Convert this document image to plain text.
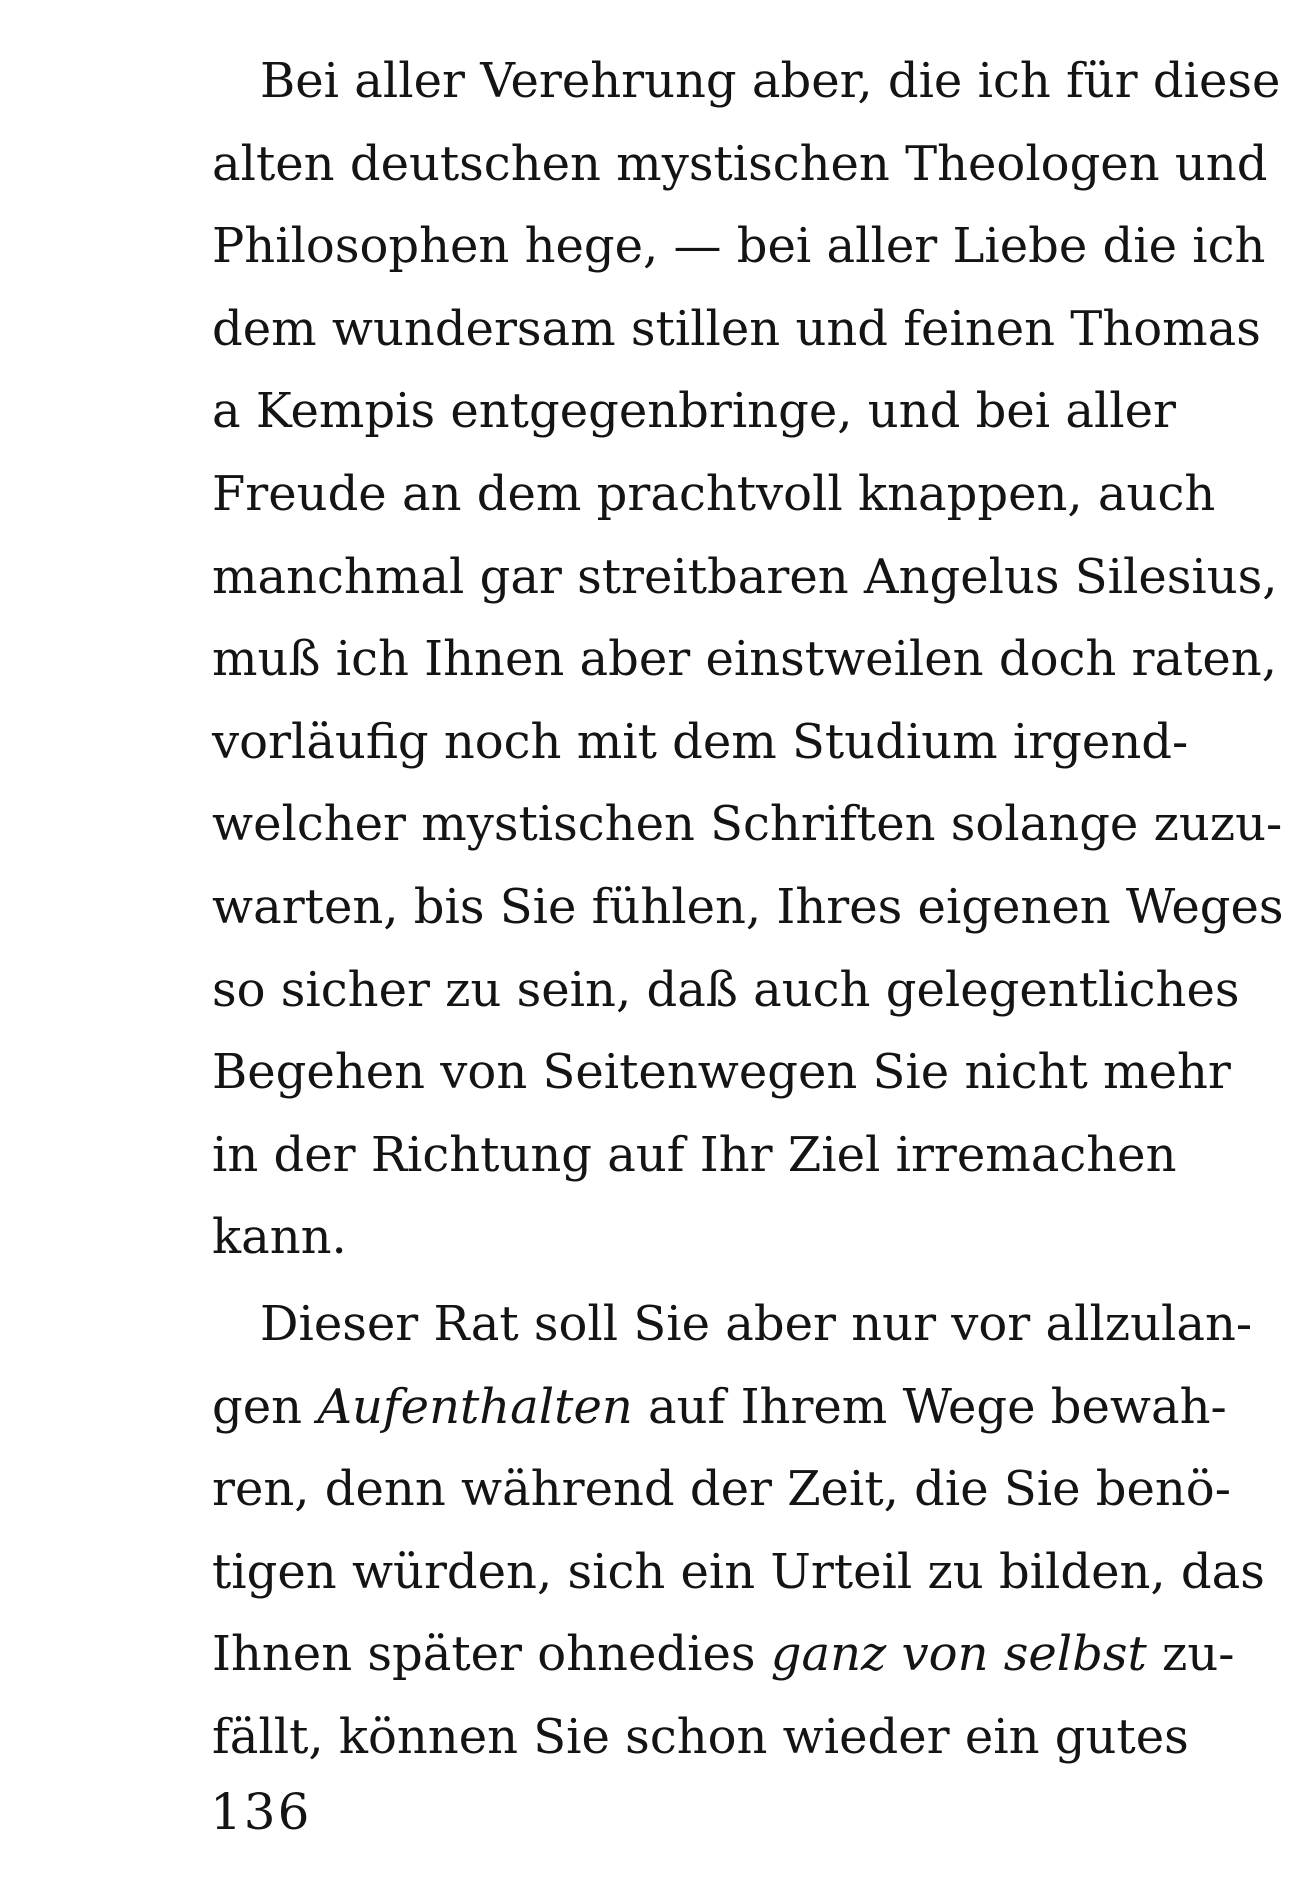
Bei aller Verehrung aber, die ich für diese
alten deutschen mystischen Theologen und
Philosophen hege, — bei aller Liebe die ich
dem wundersam stillen und feinen Thomas
a Kempis entgegenbringe, und bei aller
Freude an dem prachtvoll knappen, auch
manchmal gar streitbaren Angelus Silesius,
muß ich Ihnen aber einstweilen doch raten,
vorläufig noch mit dem Studium irgend-
welcher mystischen Schriften solange zuzu-
warten, bis Sie fühlen, Ihres eigenen Weges
so sicher zu sein, daß auch gelegentliches
Begehen von Seitenwegen Sie nicht mehr
in der Richtung auf Ihr Ziel irremachen
kann.
Dieser Rat soll Sie aber nur vor allzulan-
gen Aufenthalten auf Ihrem Wege bewah-
ren, denn während der Zeit, die Sie benö-
tigen würden, sich ein Urteil zu bilden, das
Ihnen später ohnedies ganz von selbst zu-
fällt, können Sie schon wieder ein gutes
136
